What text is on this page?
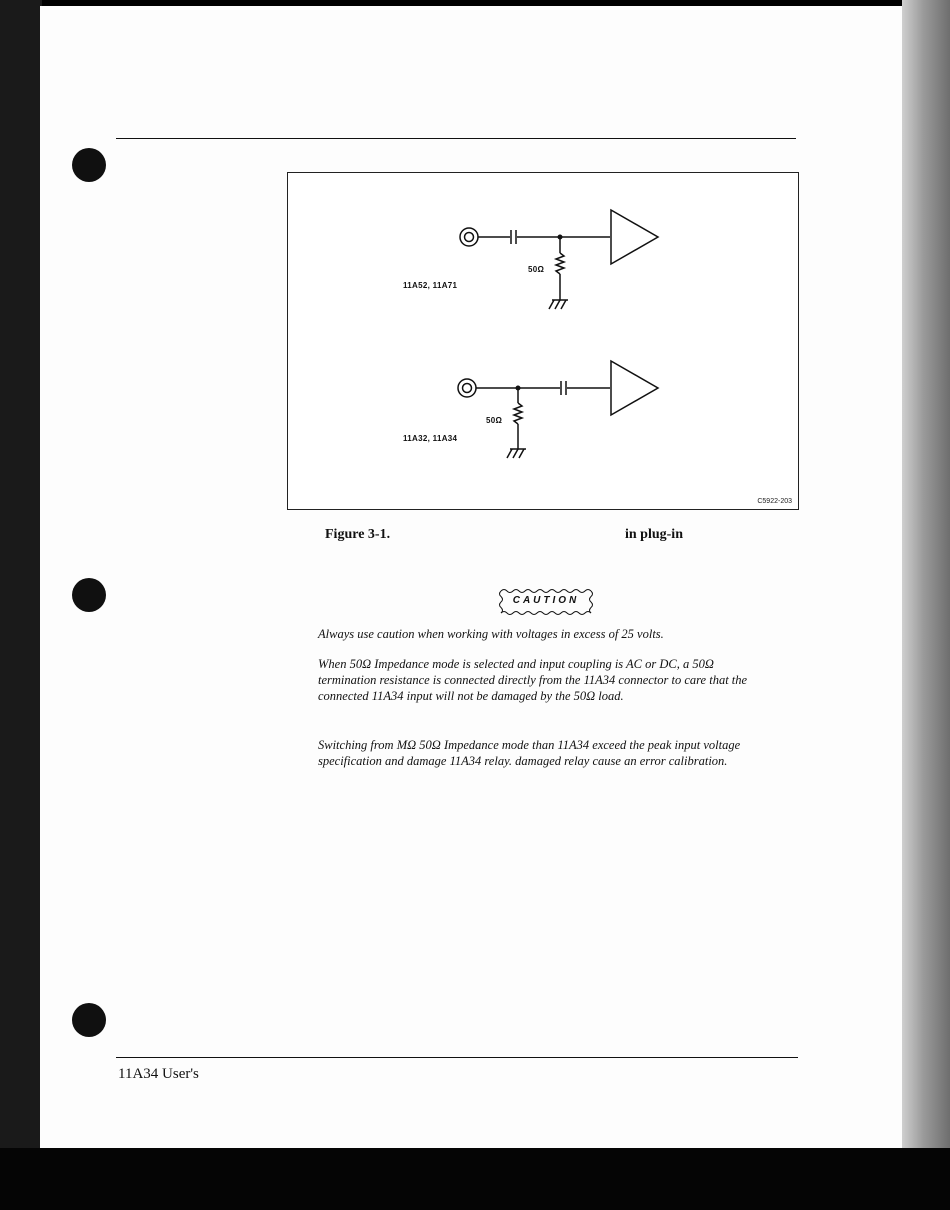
50Ω
11A52, 11A71
50Ω
11A32, 11A34
C5922-203
Figure 3-1.	in plug-in
CAUTION

Always use caution when working with voltages in excess of 25 volts.

When 50Ω Impedance mode is selected and input coupling is AC or DC, a 50Ω termination resistance is connected directly from the 11A34 connector to care that the connected 11A34 input will not be damaged by the 50Ω load.

Switching from MΩ 50Ω Impedance mode than 11A34 exceed the peak input voltage specification and damage 11A34 relay. damaged relay cause an error calibration.

11A34 User's
